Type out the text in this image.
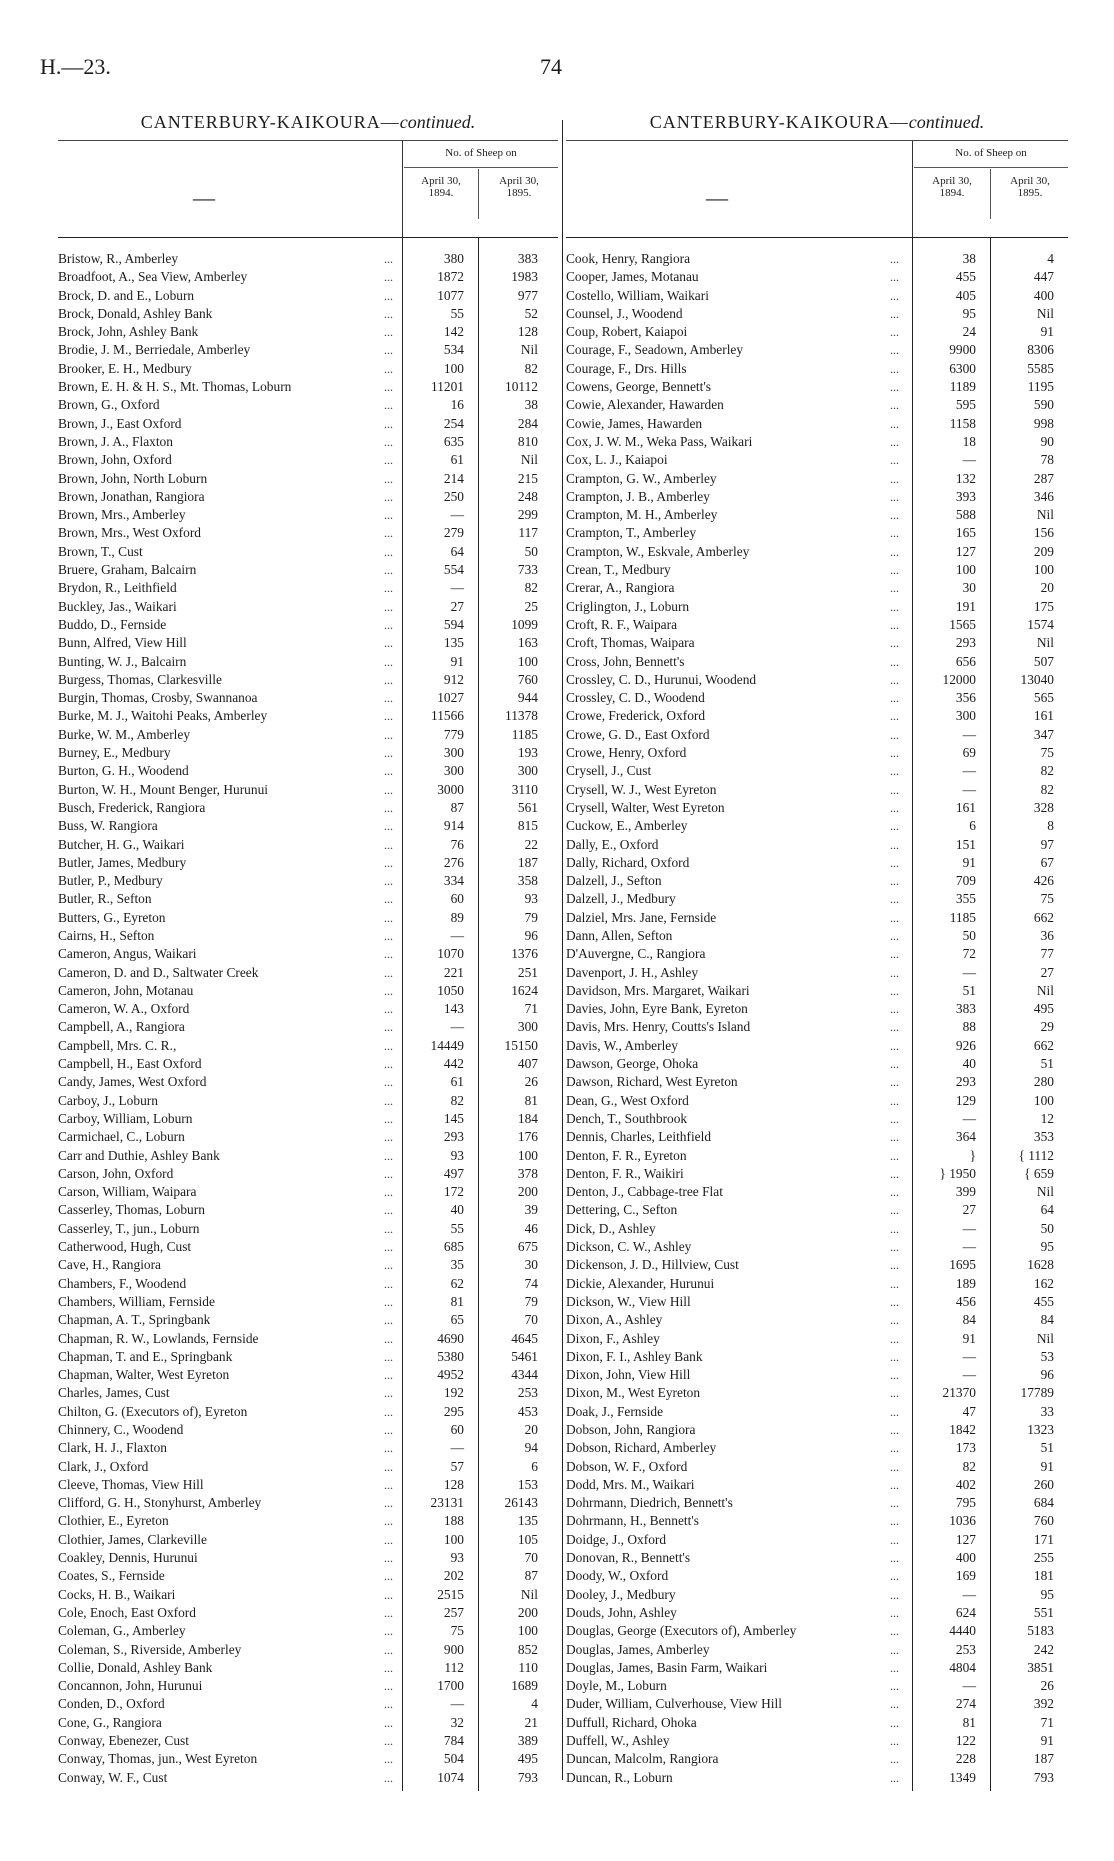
H.—23.	74
CANTERBURY-KAIKOURA—continued.
—
No. of Sheep on
April 30,
1894.
April 30,
1895.
Bristow, R., Amberley	...	380	383
Broadfoot, A., Sea View, Amberley	...	1872	1983
Brock, D. and E., Loburn	...	1077	977
Brock, Donald, Ashley Bank	...	55	52
Brock, John, Ashley Bank	...	142	128
Brodie, J. M., Berriedale, Amberley	...	534	Nil
Brooker, E. H., Medbury	...	100	82
Brown, E. H. & H. S., Mt. Thomas, Loburn	...	11201	10112
Brown, G., Oxford	...	16	38
Brown, J., East Oxford	...	254	284
Brown, J. A., Flaxton	...	635	810
Brown, John, Oxford	...	61	Nil
Brown, John, North Loburn	...	214	215
Brown, Jonathan, Rangiora	...	250	248
Brown, Mrs., Amberley	...	—	299
Brown, Mrs., West Oxford	...	279	117
Brown, T., Cust	...	64	50
Bruere, Graham, Balcairn	...	554	733
Brydon, R., Leithfield	...	—	82
Buckley, Jas., Waikari	...	27	25
Buddo, D., Fernside	...	594	1099
Bunn, Alfred, View Hill	...	135	163
Bunting, W. J., Balcairn	...	91	100
Burgess, Thomas, Clarkesville	...	912	760
Burgin, Thomas, Crosby, Swannanoa	...	1027	944
Burke, M. J., Waitohi Peaks, Amberley	...	11566	11378
Burke, W. M., Amberley	...	779	1185
Burney, E., Medbury	...	300	193
Burton, G. H., Woodend	...	300	300
Burton, W. H., Mount Benger, Hurunui	...	3000	3110
Busch, Frederick, Rangiora	...	87	561
Buss, W. Rangiora	...	914	815
Butcher, H. G., Waikari	...	76	22
Butler, James, Medbury	...	276	187
Butler, P., Medbury	...	334	358
Butler, R., Sefton	...	60	93
Butters, G., Eyreton	...	89	79
Cairns, H., Sefton	...	—	96
Cameron, Angus, Waikari	...	1070	1376
Cameron, D. and D., Saltwater Creek	...	221	251
Cameron, John, Motanau	...	1050	1624
Cameron, W. A., Oxford	...	143	71
Campbell, A., Rangiora	...	—	300
Campbell, Mrs. C. R.,	...	14449	15150
Campbell, H., East Oxford	...	442	407
Candy, James, West Oxford	...	61	26
Carboy, J., Loburn	...	82	81
Carboy, William, Loburn	...	145	184
Carmichael, C., Loburn	...	293	176
Carr and Duthie, Ashley Bank	...	93	100
Carson, John, Oxford	...	497	378
Carson, William, Waipara	...	172	200
Casserley, Thomas, Loburn	...	40	39
Casserley, T., jun., Loburn	...	55	46
Catherwood, Hugh, Cust	...	685	675
Cave, H., Rangiora	...	35	30
Chambers, F., Woodend	...	62	74
Chambers, William, Fernside	...	81	79
Chapman, A. T., Springbank	...	65	70
Chapman, R. W., Lowlands, Fernside	...	4690	4645
Chapman, T. and E., Springbank	...	5380	5461
Chapman, Walter, West Eyreton	...	4952	4344
Charles, James, Cust	...	192	253
Chilton, G. (Executors of), Eyreton	...	295	453
Chinnery, C., Woodend	...	60	20
Clark, H. J., Flaxton	...	—	94
Clark, J., Oxford	...	57	6
Cleeve, Thomas, View Hill	...	128	153
Clifford, G. H., Stonyhurst, Amberley	...	23131	26143
Clothier, E., Eyreton	...	188	135
Clothier, James, Clarkeville	...	100	105
Coakley, Dennis, Hurunui	...	93	70
Coates, S., Fernside	...	202	87
Cocks, H. B., Waikari	...	2515	Nil
Cole, Enoch, East Oxford	...	257	200
Coleman, G., Amberley	...	75	100
Coleman, S., Riverside, Amberley	...	900	852
Collie, Donald, Ashley Bank	...	112	110
Concannon, John, Hurunui	...	1700	1689
Conden, D., Oxford	...	—	4
Cone, G., Rangiora	...	32	21
Conway, Ebenezer, Cust	...	784	389
Conway, Thomas, jun., West Eyreton	...	504	495
Conway, W. F., Cust	...	1074	793
CANTERBURY-KAIKOURA—continued.
—
No. of Sheep on
April 30,
1894.
April 30,
1895.
Cook, Henry, Rangiora	...	38	4
Cooper, James, Motanau	...	455	447
Costello, William, Waikari	...	405	400
Counsel, J., Woodend	...	95	Nil
Coup, Robert, Kaiapoi	...	24	91
Courage, F., Seadown, Amberley	...	9900	8306
Courage, F., Drs. Hills	...	6300	5585
Cowens, George, Bennett's	...	1189	1195
Cowie, Alexander, Hawarden	...	595	590
Cowie, James, Hawarden	...	1158	998
Cox, J. W. M., Weka Pass, Waikari	...	18	90
Cox, L. J., Kaiapoi	...	—	78
Crampton, G. W., Amberley	...	132	287
Crampton, J. B., Amberley	...	393	346
Crampton, M. H., Amberley	...	588	Nil
Crampton, T., Amberley	...	165	156
Crampton, W., Eskvale, Amberley	...	127	209
Crean, T., Medbury	...	100	100
Crerar, A., Rangiora	...	30	20
Criglington, J., Loburn	...	191	175
Croft, R. F., Waipara	...	1565	1574
Croft, Thomas, Waipara	...	293	Nil
Cross, John, Bennett's	...	656	507
Crossley, C. D., Hurunui, Woodend	...	12000	13040
Crossley, C. D., Woodend	...	356	565
Crowe, Frederick, Oxford	...	300	161
Crowe, G. D., East Oxford	...	—	347
Crowe, Henry, Oxford	...	69	75
Crysell, J., Cust	...	—	82
Crysell, W. J., West Eyreton	...	—	82
Crysell, Walter, West Eyreton	...	161	328
Cuckow, E., Amberley	...	6	8
Dally, E., Oxford	...	151	97
Dally, Richard, Oxford	...	91	67
Dalzell, J., Sefton	...	709	426
Dalzell, J., Medbury	...	355	75
Dalziel, Mrs. Jane, Fernside	...	1185	662
Dann, Allen, Sefton	...	50	36
D'Auvergne, C., Rangiora	...	72	77
Davenport, J. H., Ashley	...	—	27
Davidson, Mrs. Margaret, Waikari	...	51	Nil
Davies, John, Eyre Bank, Eyreton	...	383	495
Davis, Mrs. Henry, Coutts's Island	...	88	29
Davis, W., Amberley	...	926	662
Dawson, George, Ohoka	...	40	51
Dawson, Richard, West Eyreton	...	293	280
Dean, G., West Oxford	...	129	100
Dench, T., Southbrook	...	—	12
Dennis, Charles, Leithfield	...	364	353
Denton, F. R., Eyreton	...	}	{ 1112
Denton, F. R., Waikiri	...	} 1950	{ 659
Denton, J., Cabbage-tree Flat	...	399	Nil
Dettering, C., Sefton	...	27	64
Dick, D., Ashley	...	—	50
Dickson, C. W., Ashley	...	—	95
Dickenson, J. D., Hillview, Cust	...	1695	1628
Dickie, Alexander, Hurunui	...	189	162
Dickson, W., View Hill	...	456	455
Dixon, A., Ashley	...	84	84
Dixon, F., Ashley	...	91	Nil
Dixon, F. I., Ashley Bank	...	—	53
Dixon, John, View Hill	...	—	96
Dixon, M., West Eyreton	...	21370	17789
Doak, J., Fernside	...	47	33
Dobson, John, Rangiora	...	1842	1323
Dobson, Richard, Amberley	...	173	51
Dobson, W. F., Oxford	...	82	91
Dodd, Mrs. M., Waikari	...	402	260
Dohrmann, Diedrich, Bennett's	...	795	684
Dohrmann, H., Bennett's	...	1036	760
Doidge, J., Oxford	...	127	171
Donovan, R., Bennett's	...	400	255
Doody, W., Oxford	...	169	181
Dooley, J., Medbury	...	—	95
Douds, John, Ashley	...	624	551
Douglas, George (Executors of), Amberley	...	4440	5183
Douglas, James, Amberley	...	253	242
Douglas, James, Basin Farm, Waikari	...	4804	3851
Doyle, M., Loburn	...	—	26
Duder, William, Culverhouse, View Hill	...	274	392
Duffull, Richard, Ohoka	...	81	71
Duffell, W., Ashley	...	122	91
Duncan, Malcolm, Rangiora	...	228	187
Duncan, R., Loburn	...	1349	793
